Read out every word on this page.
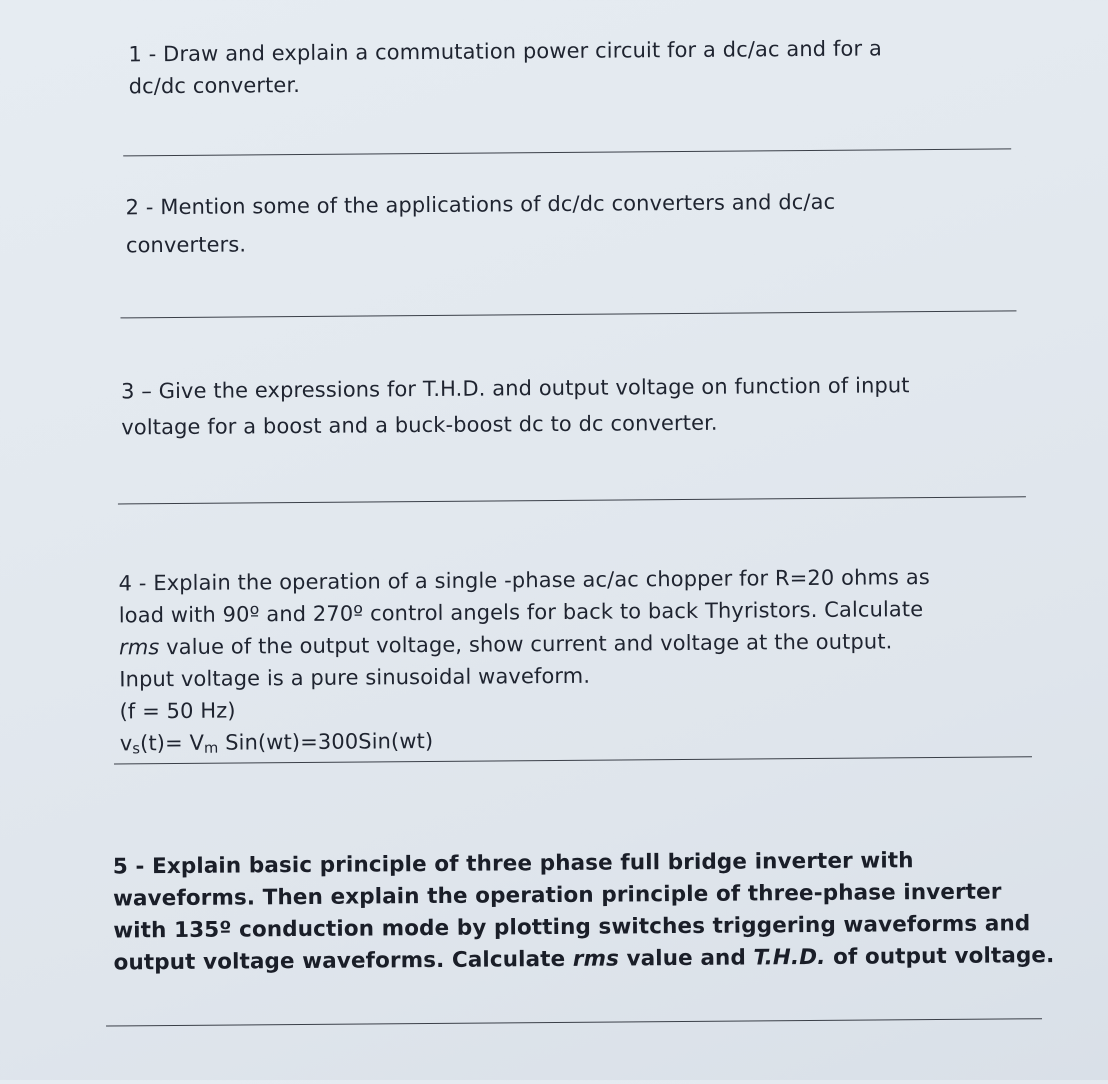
1 - Draw and explain a commutation power circuit for a dc/ac and for a
dc/dc converter.
2 - Mention some of the applications of dc/dc converters and dc/ac
converters.
3 – Give the expressions for T.H.D. and output voltage on function of input
voltage for a boost and a buck-boost dc to dc converter.
4 - Explain the operation of a single -phase ac/ac chopper for R=20 ohms as
load with 90º and 270º control angels for back to back Thyristors. Calculate
rms value of the output voltage, show current and voltage at the output.
Input voltage is a pure sinusoidal waveform.
(f = 50 Hz)
vs(t)= Vm Sin(wt)=300Sin(wt)
5 - Explain basic principle of three phase full bridge inverter with
waveforms. Then explain the operation principle of three-phase inverter
with 135º conduction mode by plotting switches triggering waveforms and
output voltage waveforms. Calculate rms value and T.H.D. of output voltage.
